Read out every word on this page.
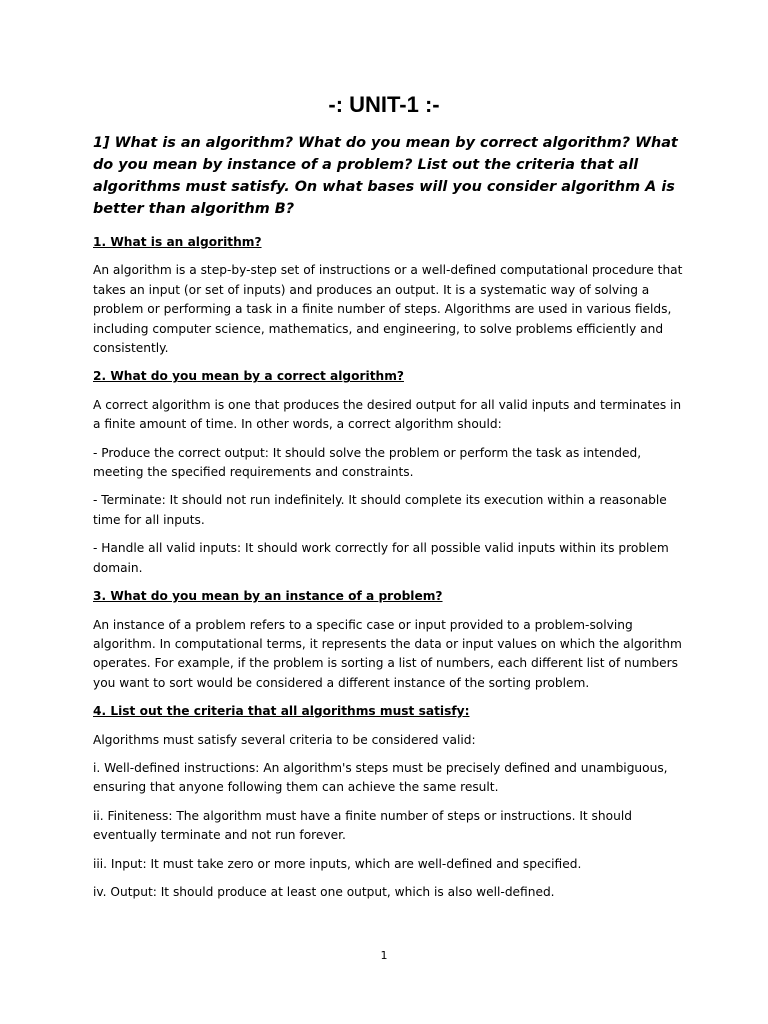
-: UNIT-1 :-

1] What is an algorithm? What do you mean by correct algorithm? What do you mean by instance of a problem? List out the criteria that all algorithms must satisfy. On what bases will you consider algorithm A is better than algorithm B?

1. What is an algorithm?

An algorithm is a step-by-step set of instructions or a well-defined computational procedure that takes an input (or set of inputs) and produces an output. It is a systematic way of solving a problem or performing a task in a finite number of steps. Algorithms are used in various fields, including computer science, mathematics, and engineering, to solve problems efficiently and consistently.

2. What do you mean by a correct algorithm?

A correct algorithm is one that produces the desired output for all valid inputs and terminates in a finite amount of time. In other words, a correct algorithm should:

- Produce the correct output: It should solve the problem or perform the task as intended, meeting the specified requirements and constraints.

- Terminate: It should not run indefinitely. It should complete its execution within a reasonable time for all inputs.

- Handle all valid inputs: It should work correctly for all possible valid inputs within its problem domain.

3. What do you mean by an instance of a problem?

An instance of a problem refers to a specific case or input provided to a problem-solving algorithm. In computational terms, it represents the data or input values on which the algorithm operates. For example, if the problem is sorting a list of numbers, each different list of numbers you want to sort would be considered a different instance of the sorting problem.

4. List out the criteria that all algorithms must satisfy:

Algorithms must satisfy several criteria to be considered valid:

i. Well-defined instructions: An algorithm's steps must be precisely defined and unambiguous, ensuring that anyone following them can achieve the same result.

ii. Finiteness: The algorithm must have a finite number of steps or instructions. It should eventually terminate and not run forever.

iii. Input: It must take zero or more inputs, which are well-defined and specified.

iv. Output: It should produce at least one output, which is also well-defined.

1
